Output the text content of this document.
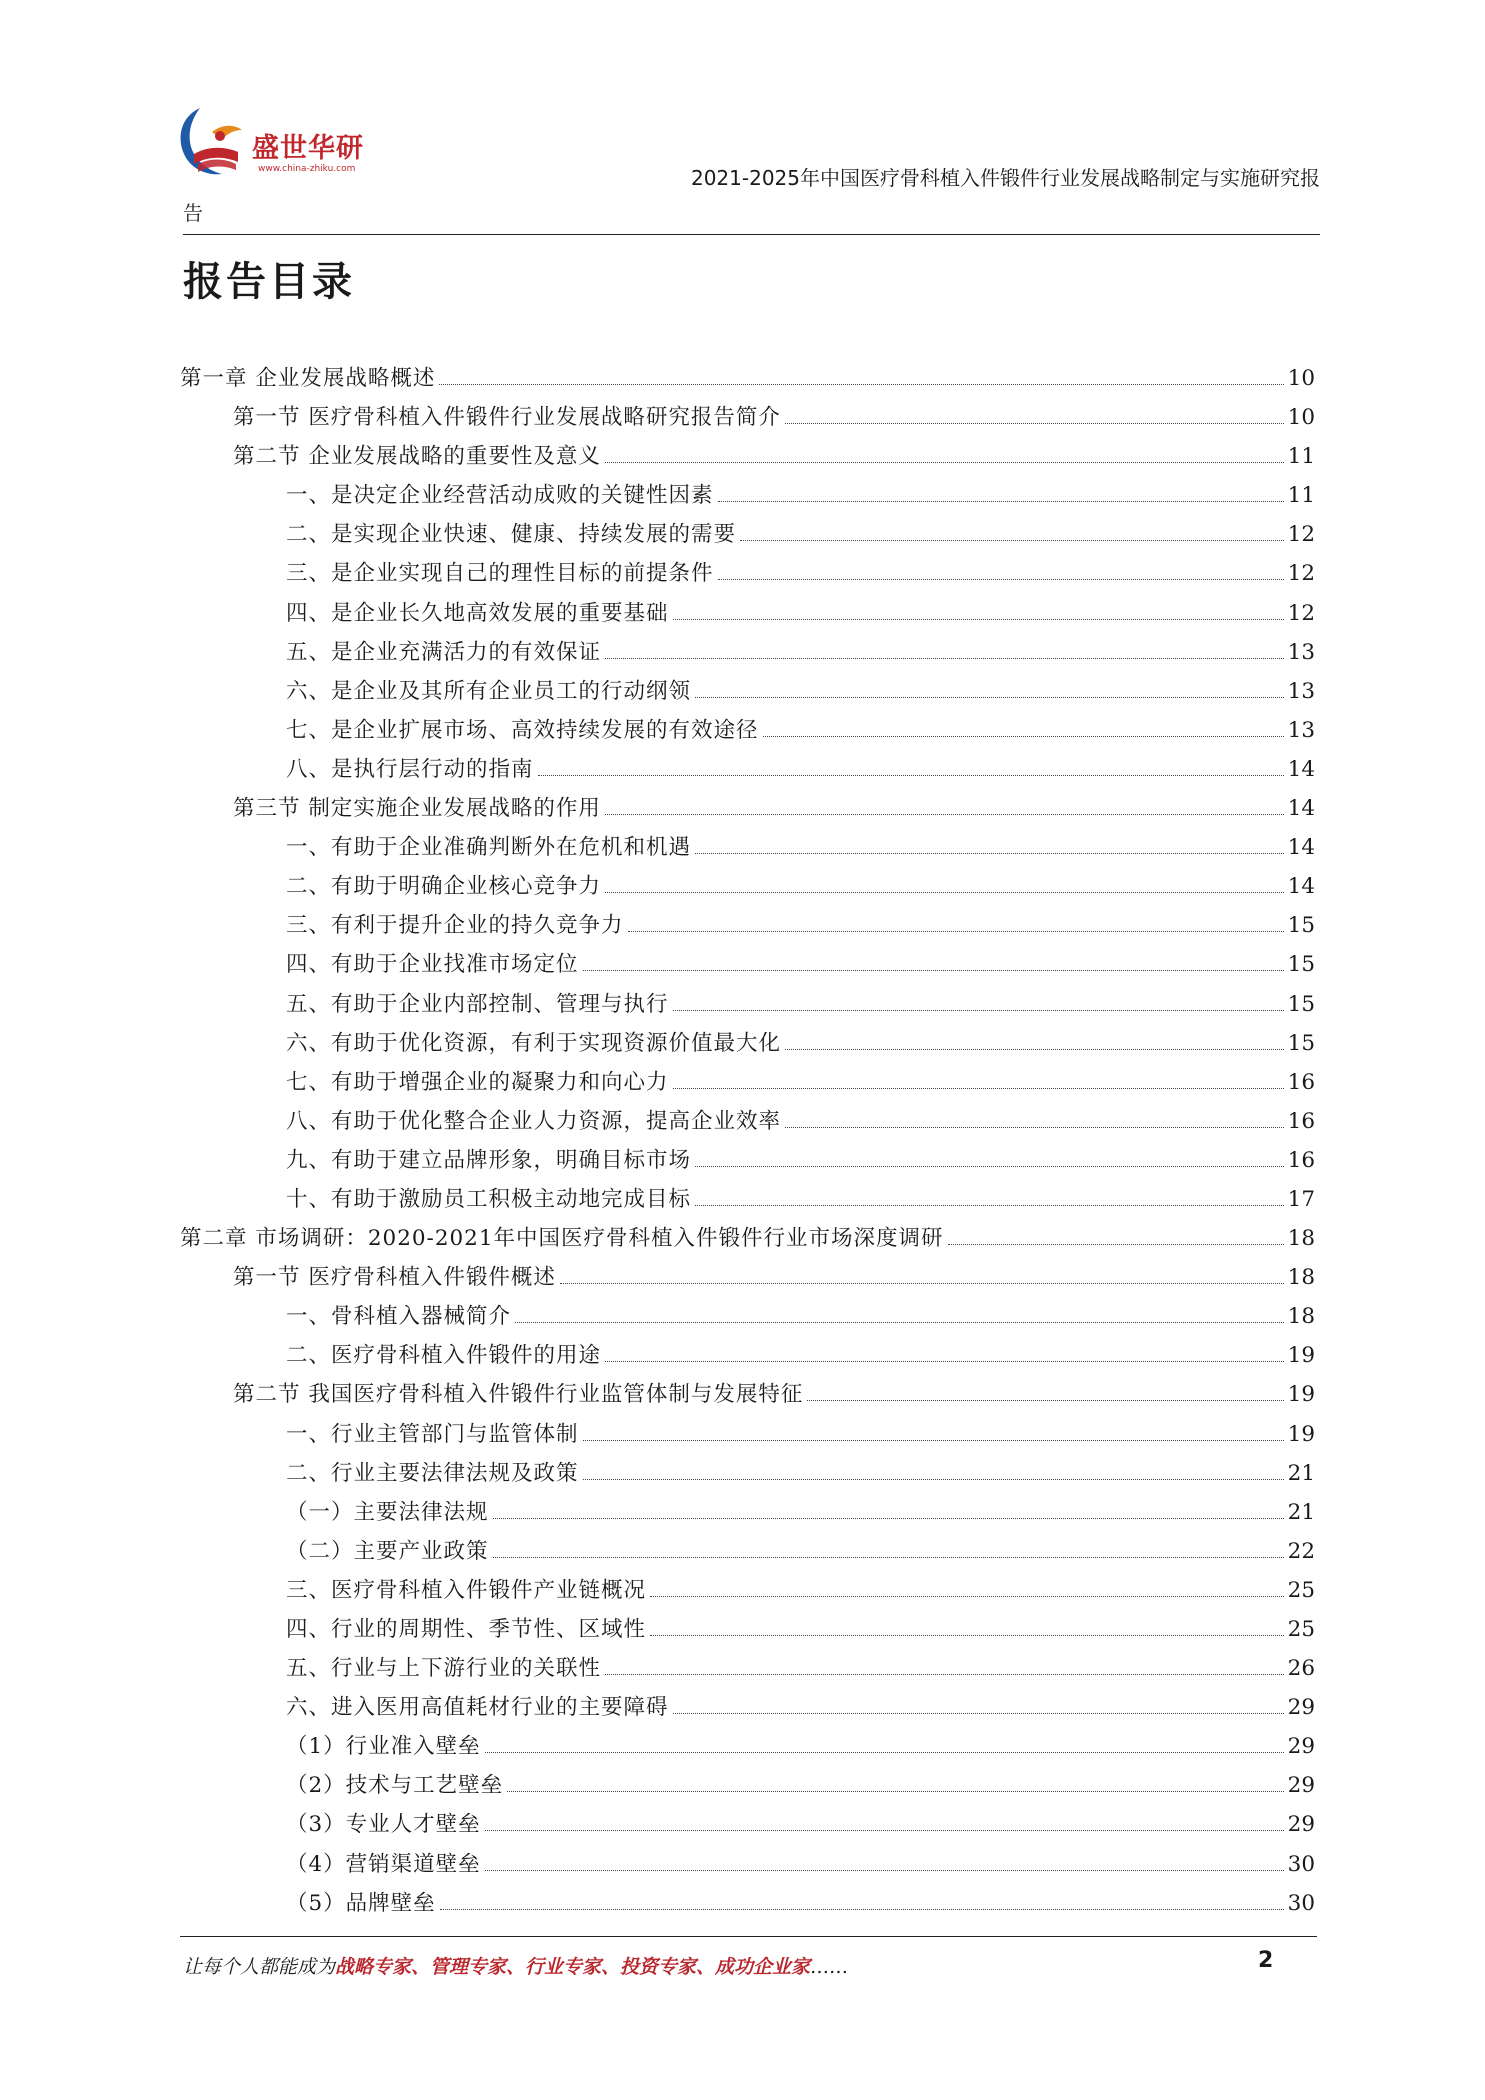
盛世华研
www.china-zhiku.com	2021-2025年中国医疗骨科植入件锻件行业发展战略制定与实施研究报
告
报告目录
第一章 企业发展战略概述	10
第一节 医疗骨科植入件锻件行业发展战略研究报告简介	10
第二节 企业发展战略的重要性及意义	11
一、是决定企业经营活动成败的关键性因素	11
二、是实现企业快速、健康、持续发展的需要	12
三、是企业实现自己的理性目标的前提条件	12
四、是企业长久地高效发展的重要基础	12
五、是企业充满活力的有效保证	13
六、是企业及其所有企业员工的行动纲领	13
七、是企业扩展市场、高效持续发展的有效途径	13
八、是执行层行动的指南	14
第三节 制定实施企业发展战略的作用	14
一、有助于企业准确判断外在危机和机遇	14
二、有助于明确企业核心竞争力	14
三、有利于提升企业的持久竞争力	15
四、有助于企业找准市场定位	15
五、有助于企业内部控制、管理与执行	15
六、有助于优化资源，有利于实现资源价值最大化	15
七、有助于增强企业的凝聚力和向心力	16
八、有助于优化整合企业人力资源，提高企业效率	16
九、有助于建立品牌形象，明确目标市场	16
十、有助于激励员工积极主动地完成目标	17
第二章 市场调研：2020-2021年中国医疗骨科植入件锻件行业市场深度调研	18
第一节 医疗骨科植入件锻件概述	18
一、骨科植入器械简介	18
二、医疗骨科植入件锻件的用途	19
第二节 我国医疗骨科植入件锻件行业监管体制与发展特征	19
一、行业主管部门与监管体制	19
二、行业主要法律法规及政策	21
（一）主要法律法规	21
（二）主要产业政策	22
三、医疗骨科植入件锻件产业链概况	25
四、行业的周期性、季节性、区域性	25
五、行业与上下游行业的关联性	26
六、进入医用高值耗材行业的主要障碍	29
（1）行业准入壁垒	29
（2）技术与工艺壁垒	29
（3）专业人才壁垒	29
（4）营销渠道壁垒	30
（5）品牌壁垒	30
让每个人都能成为战略专家、管理专家、行业专家、投资专家、成功企业家……	2
